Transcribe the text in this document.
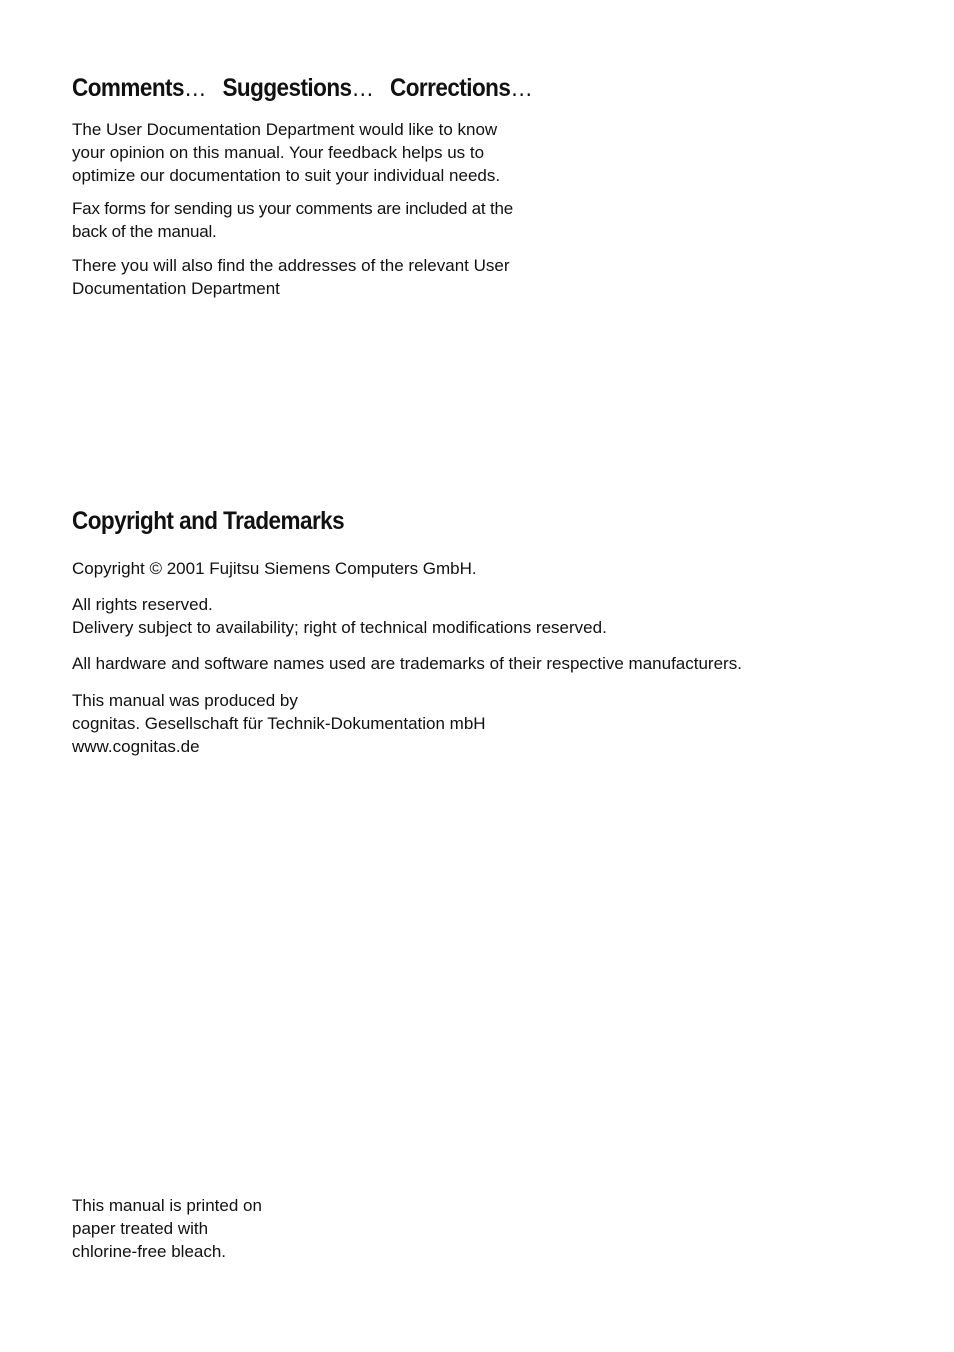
Comments… Suggestions… Corrections…

The User Documentation Department would like to know
your opinion on this manual. Your feedback helps us to
optimize our documentation to suit your individual needs.

Fax forms for sending us your comments are included at the
back of the manual.

There you will also find the addresses of the relevant User
Documentation Department

Copyright and Trademarks

Copyright © 2001 Fujitsu Siemens Computers GmbH.

All rights reserved.
Delivery subject to availability; right of technical modifications reserved.

All hardware and software names used are trademarks of their respective manufacturers.

This manual was produced by
cognitas. Gesellschaft für Technik-Dokumentation mbH
www.cognitas.de

This manual is printed on
paper treated with
chlorine-free bleach.
